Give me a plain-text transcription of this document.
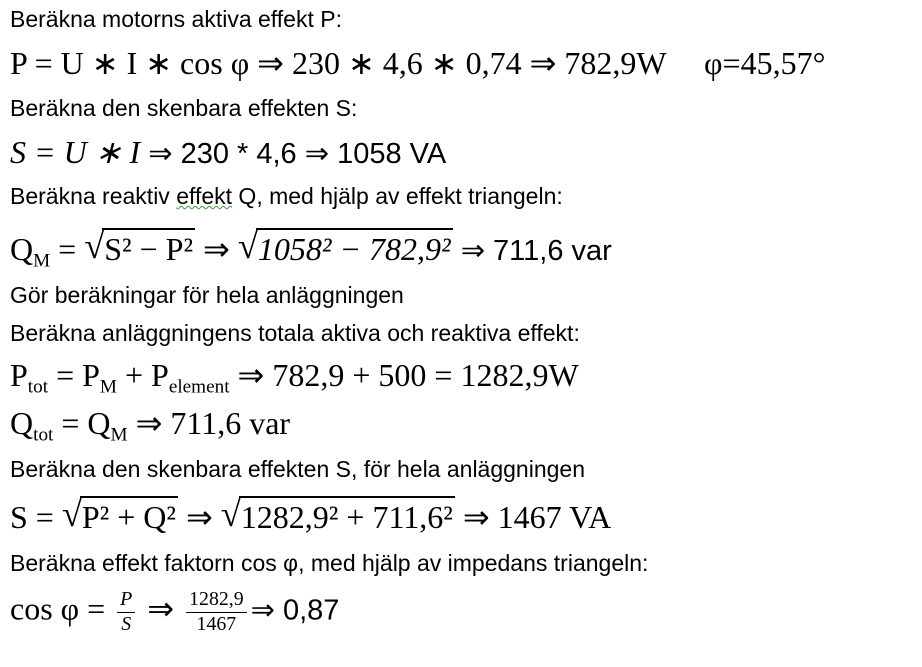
Beräkna motorns aktiva effekt P:
P = U ∗ I ∗ cos φ ⇒ 230 ∗ 4,6 ∗ 0,74 ⇒ 782,9W φ=45,57°
Beräkna den skenbara effekten S:
S = U ∗ I ⇒ 230 * 4,6 ⇒ 1058 VA
Beräkna reaktiv effekt Q, med hjälp av effekt triangeln:
$Q_M$ = √ S² − P² ⇒ √ 1058² − 782,9² ⇒ 711,6 var
Gör beräkningar för hela anläggningen
Beräkna anläggningens totala aktiva och reaktiva effekt:
$P_{tot} = P_M + P_{element}$ ⇒ 782,9 + 500 = 1282,9W
$Q_{tot} = Q_M$ ⇒ 711,6 var
Beräkna den skenbara effekten S, för hela anläggningen
S = √ P² + Q² ⇒ √ 1282,9² + 711,6² ⇒ 1467 VA
Beräkna effekt faktorn cos φ, med hjälp av impedans triangeln:
$\cos \varphi = \frac{P}{S}$ ⇒ $\frac{1282,9}{1467}$ ⇒ 0,87
